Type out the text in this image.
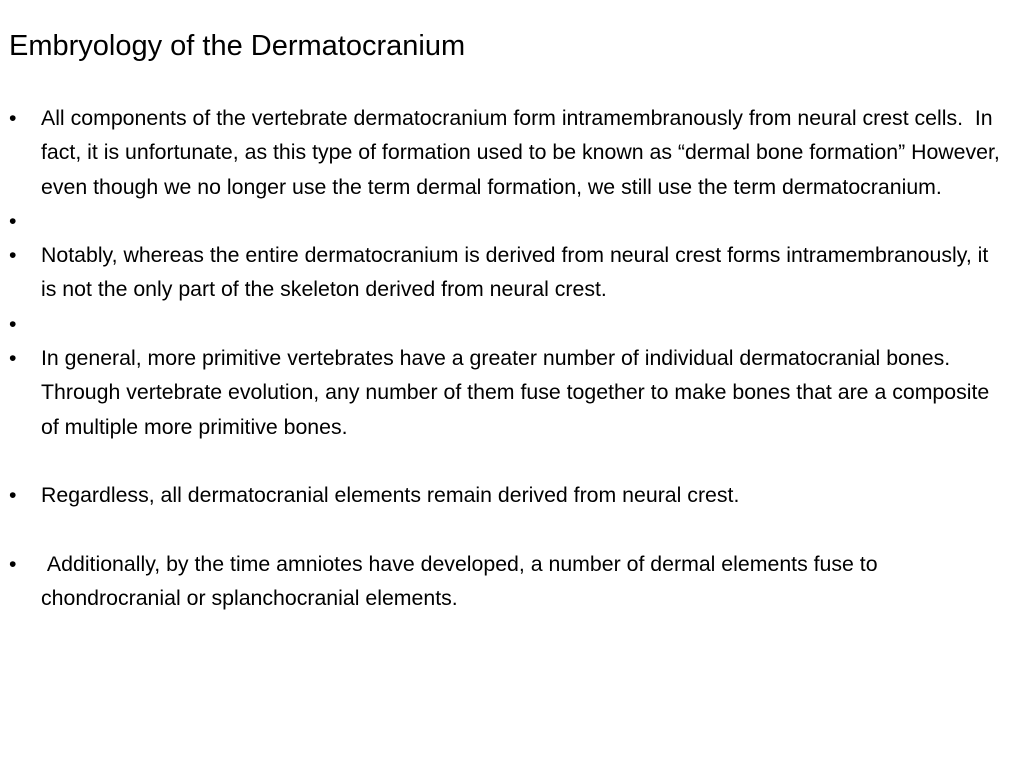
Embryology of the Dermatocranium
• All components of the vertebrate dermatocranium form intramembranously from neural crest cells.  In fact, it is unfortunate, as this type of formation used to be known as “dermal bone formation” However, even though we no longer use the term dermal formation, we still use the term dermatocranium.
•
• Notably, whereas the entire dermatocranium is derived from neural crest forms intramembranously, it is not the only part of the skeleton derived from neural crest.
•
• In general, more primitive vertebrates have a greater number of individual dermatocranial bones. Through vertebrate evolution, any number of them fuse together to make bones that are a composite of multiple more primitive bones.
• Regardless, all dermatocranial elements remain derived from neural crest.
•  Additionally, by the time amniotes have developed, a number of dermal elements fuse to chondrocranial or splanchocranial elements.
